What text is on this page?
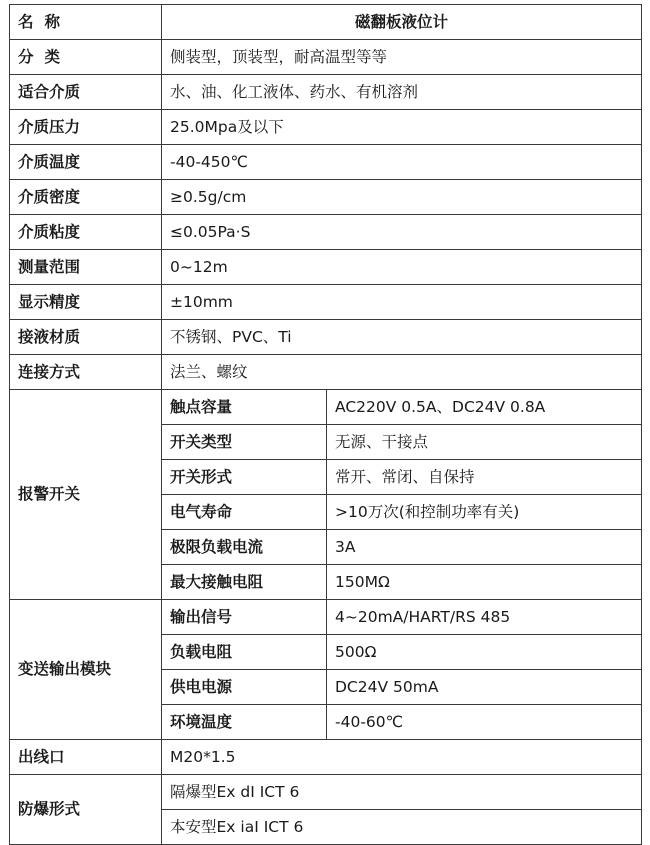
名 称	磁翻板液位计	
分 类	侧装型，顶装型，耐高温型等等	
适合介质	水、油、化工液体、药水、有机溶剂	
介质压力	25.0Mpa及以下	
介质温度	-40-450℃	
介质密度	≥0.5g/cm	
介质粘度	≤0.05Pa·S	
测量范围	0~12m	
显示精度	±10mm	
接液材质	不锈钢、PVC、Ti	
连接方式	法兰、螺纹	
报警开关	触点容量	AC220V 0.5A、DC24V 0.8A
	开关类型	无源、干接点
	开关形式	常开、常闭、自保持
	电气寿命	>10万次(和控制功率有关)
	极限负载电流	3A
	最大接触电阻	150MΩ
变送输出模块	输出信号	4~20mA/HART/RS 485
	负载电阻	500Ω
	供电电源	DC24V 50mA
	环境温度	-40-60℃
出线口	M20*1.5	
防爆形式	隔爆型Ex dI ICT 6	
	本安型Ex iaI ICT 6	
